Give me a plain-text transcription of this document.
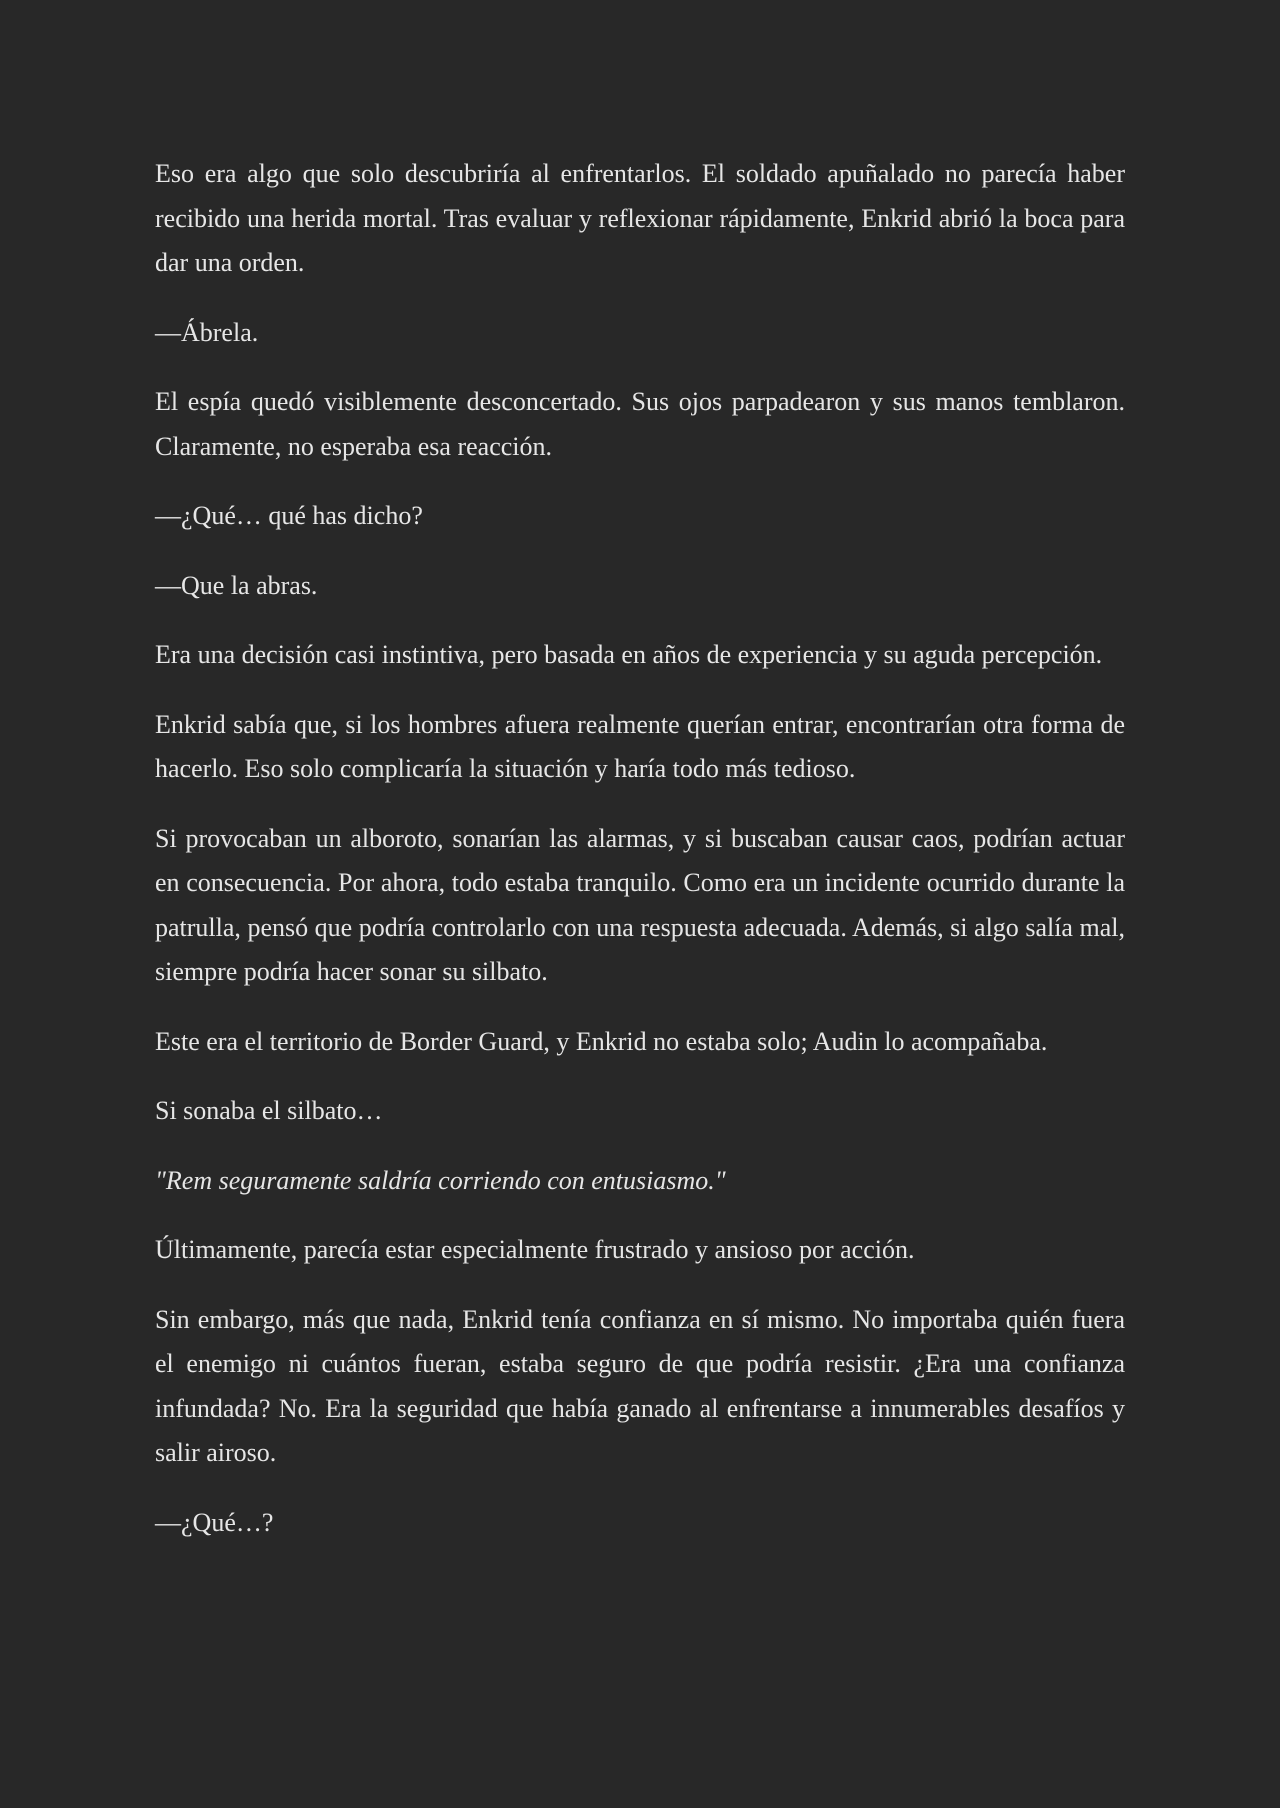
Eso era algo que solo descubriría al enfrentarlos. El soldado apuñalado no parecía haber recibido una herida mortal. Tras evaluar y reflexionar rápidamente, Enkrid abrió la boca para dar una orden.

—Ábrela.

El espía quedó visiblemente desconcertado. Sus ojos parpadearon y sus manos temblaron. Claramente, no esperaba esa reacción.

—¿Qué… qué has dicho?

—Que la abras.

Era una decisión casi instintiva, pero basada en años de experiencia y su aguda percepción.

Enkrid sabía que, si los hombres afuera realmente querían entrar, encontrarían otra forma de hacerlo. Eso solo complicaría la situación y haría todo más tedioso.

Si provocaban un alboroto, sonarían las alarmas, y si buscaban causar caos, podrían actuar en consecuencia. Por ahora, todo estaba tranquilo. Como era un incidente ocurrido durante la patrulla, pensó que podría controlarlo con una respuesta adecuada. Además, si algo salía mal, siempre podría hacer sonar su silbato.

Este era el territorio de Border Guard, y Enkrid no estaba solo; Audin lo acompañaba.

Si sonaba el silbato…

"Rem seguramente saldría corriendo con entusiasmo."

Últimamente, parecía estar especialmente frustrado y ansioso por acción.

Sin embargo, más que nada, Enkrid tenía confianza en sí mismo. No importaba quién fuera el enemigo ni cuántos fueran, estaba seguro de que podría resistir. ¿Era una confianza infundada? No. Era la seguridad que había ganado al enfrentarse a innumerables desafíos y salir airoso.

—¿Qué…?
